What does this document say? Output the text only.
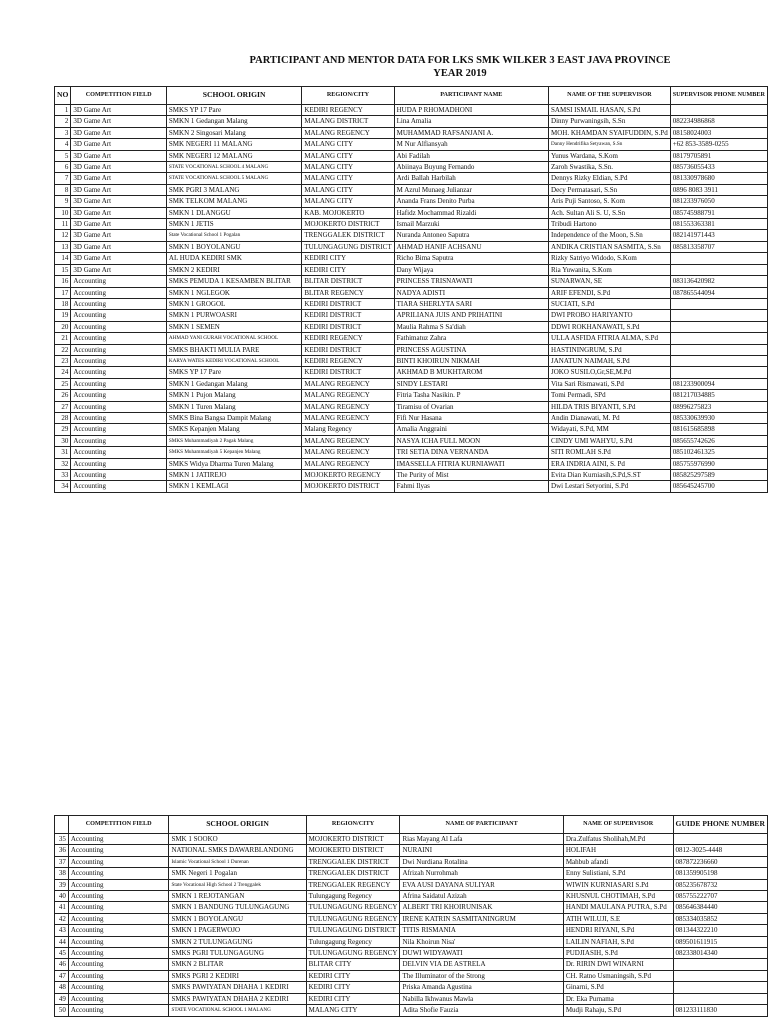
PARTICIPANT AND MENTOR DATA FOR LKS SMK WILKER 3 EAST JAVA PROVINCE
YEAR 2019
NO	COMPETITION FIELD	SCHOOL ORIGIN	REGION/CITY	PARTICIPANT NAME	NAME OF THE SUPERVISOR	SUPERVISOR PHONE NUMBER
1	3D Game Art	SMKS YP 17 Pare	KEDIRI REGENCY	HUDA P RHOMADHONI	SAMSI ISMAIL HASAN, S.Pd	
2	3D Game Art	SMKN 1 Gedangan Malang	MALANG DISTRICT	Lina Amalia	Dinny Purwaningsih, S.Sn	082234986868
3	3D Game Art	SMKN 2 Singosari Malang	MALANG REGENCY	MUHAMMAD RAFSANJANI A.	MOH. KHAMDAN SYAIFUDDIN, S.Pd	08158024003
4	3D Game Art	SMK NEGERI 11 MALANG	MALANG CITY	M Nur Alfiansyah	Danny Hendrifika Setyawan, S.Sn	+62 853-3589-0255
5	3D Game Art	SMK NEGERI 12 MALANG	MALANG CITY	Abi Fadilah	Yunus Wardana, S.Kom	08179705891
6	3D Game Art	STATE VOCATIONAL SCHOOL 4 MALANG	MALANG CITY	Abiinaya Buyung Fernando	Zaroh Swastika, S.Sn.	085736055433
7	3D Game Art	STATE VOCATIONAL SCHOOL 5 MALANG	MALANG CITY	Ardi Ballah Harbilah	Dennys Rizky Eldian, S.Pd	081330978680
8	3D Game Art	SMK PGRI 3 MALANG	MALANG CITY	M Azrul Munaeg Julianzar	Decy Permatasari, S.Sn	0896 8083 3911
9	3D Game Art	SMK TELKOM MALANG	MALANG CITY	Ananda Frans Denito Purba	Aris Puji Santoso, S. Kom	081233976050
10	3D Game Art	SMKN 1 DLANGGU	KAB. MOJOKERTO	Hafidz Mochammad Rizaldi	Ach. Sultan Ali S. U, S.Sn	085745988791
11	3D Game Art	SMKN 1 JETIS	MOJOKERTO DISTRICT	Ismail Marzuki	Tribudi Hartono	081553363381
12	3D Game Art	State Vocational School 1 Pogalan	TRENGGALEK DISTRICT	Nuranda Antoneo Saputra	Independence of the Moon, S.Sn	082141971443
13	3D Game Art	SMKN 1 BOYOLANGU	TULUNGAGUNG DISTRICT	AHMAD HANIF ACHSANU	ANDIKA CRISTIAN SASMITA, S.Sn	085813358707
14	3D Game Art	AL HUDA KEDIRI SMK	KEDIRI CITY	Richo Bima Saputra	Rizky Satriyo Widodo, S.Kom	
15	3D Game Art	SMKN 2 KEDIRI	KEDIRI CITY	Dany Wijaya	Ria Yuwanita, S.Kom	
16	Accounting	SMKS PEMUDA 1 KESAMBEN BLITAR	BLITAR DISTRICT	PRINCESS TRISNAWATI	SUNARWAN, SE	083136420982
17	Accounting	SMKN 1 NGLEGOK	BLITAR REGENCY	NADYA ADISTI	ARIF EFENDI, S.Pd	087865544094
18	Accounting	SMKN 1 GROGOL	KEDIRI DISTRICT	TIARA SHERLYTA SARI	SUCIATI, S.Pd	
19	Accounting	SMKN 1 PURWOASRI	KEDIRI DISTRICT	APRILIANA JUIS AND PRIHATINI	DWI PROBO HARIYANTO	
20	Accounting	SMKN 1 SEMEN	KEDIRI DISTRICT	Maulia Rahma S Sa'diah	DDWI ROKHANAWATI, S.Pd	
21	Accounting	AHMAD YANI GURAH VOCATIONAL SCHOOL	KEDIRI REGENCY	Fathimatuz Zahra	ULLA ASFIDA FITRIA ALMA, S.Pd	
22	Accounting	SMKS BHAKTI MULIA PARE	KEDIRI DISTRICT	PRINCESS AGUSTINA	HASTININGRUM, S.Pd	
23	Accounting	KARYA WATES KEDIRI VOCATIONAL SCHOOL	KEDIRI REGENCY	BINTI KHOIRUN NIKMAH	JANATUN NAIMAH, S.Pd	
24	Accounting	SMKS YP 17 Pare	KEDIRI DISTRICT	AKHMAD B MUKHTAROM	JOKO SUSILO,Gr,SE,M.Pd	
25	Accounting	SMKN 1 Gedangan Malang	MALANG REGENCY	SINDY LESTARI	Vita Sari Rismawati, S.Pd	081233900094
26	Accounting	SMKN 1 Pujon Malang	MALANG REGENCY	Fitria Tasha Nasikin. P	Tomi Permadi, SPd	081217034885
27	Accounting	SMKN 1 Turen Malang	MALANG REGENCY	Tiramisu of Ovarian	HILDA TRIS BIYANTI, S.Pd	08996275823
28	Accounting	SMKS Bina Bangsa Dampit Malang	MALANG REGENCY	Fifi Nur Hasana	Andin Dianawati, M. Pd	085330639930
29	Accounting	SMKS Kepanjen Malang	Malang Regency	Amalia Anggraini	Widayati, S.Pd, MM	081615685898
30	Accounting	SMKS Muhammadiyah 2 Pagak Malang	MALANG REGENCY	NASYA ICHA FULL MOON	CINDY UMI WAHYU, S.Pd	085655742626
31	Accounting	SMKS Muhammadiyah 5 Kepanjen Malang	MALANG REGENCY	TRI SETIA DINA VERNANDA	SITI ROMLAH S.Pd	085102461325
32	Accounting	SMKS Widya Dharma Turen Malang	MALANG REGENCY	IMASSELLA FITRIA KURNIAWATI	ERA INDRIA AINI, S. Pd	085755976990
33	Accounting	SMKN 1 JATIREJO	MOJOKERTO REGENCY	The Purity of Mist	Evita Dian Kurniasih,S.Pd,S.ST	085825297589
34	Accounting	SMKN 1 KEMLAGI	MOJOKERTO DISTRICT	Fahmi Ilyas	Dwi Lestari Setyorini, S.Pd	085645245700
	COMPETITION FIELD	SCHOOL ORIGIN	REGION/CITY	NAME OF PARTICIPANT	NAME OF SUPERVISOR	GUIDE PHONE NUMBER
35	Accounting	SMK 1 SOOKO	MOJOKERTO DISTRICT	Rias Mayang Al Lafa	Dra.Zulfatus Sholihah,M.Pd	
36	Accounting	NATIONAL SMKS DAWARBLANDONG	MOJOKERTO DISTRICT	NURAINI	HOLIFAH	0812-3025-4448
37	Accounting	Islamic Vocational School 1 Durenan	TRENGGALEK DISTRICT	Dwi Nurdiana Rotalina	Mahbub afandi	087872236660
38	Accounting	SMK Negeri 1 Pogalan	TRENGGALEK DISTRICT	Afrizah Nurrohmah	Enny Sulistiani, S.Pd	081359905198
39	Accounting	State Vocational High School 2 Trenggalek	TRENGGALEK REGENCY	EVA AUSI DAYANA SULIYAR	WIWIN KURNIASARI S.Pd	085235678732
40	Accounting	SMKN 1 REJOTANGAN	Tulungagung Regency	Afrina Saidatul Azizah	KHUSNUL CHOTIMAH, S.Pd	085755222707
41	Accounting	SMKN 1 BANDUNG TULUNGAGUNG	TULUNGAGUNG REGENCY	ALBERT TRI KHOIRUNISAK	HANDI MAULANA PUTRA, S.Pd	085646384440
42	Accounting	SMKN 1 BOYOLANGU	TULUNGAGUNG REGENCY	IRENE KATRIN SASMITANINGRUM	ATIH WILUJI, S.E	085334035852
43	Accounting	SMKN 1 PAGERWOJO	TULUNGAGUNG DISTRICT	TITIS RISMANIA	HENDRI RIYANI, S.Pd	081344322210
44	Accounting	SMKN 2 TULUNGAGUNG	Tulungagung Regency	Nila Khoirun Nisa'	LAILIN NAFIAH, S.Pd	089501611915
45	Accounting	SMKS PGRI TULUNGAGUNG	TULUNGAGUNG REGENCY	DUWI WIDYAWATI	PUDJIASIH, S.Pd	082338014340
46	Accounting	SMKN 2 BLITAR	BLITAR CITY	DELVIN VIA DE ASTRELA	Dr. RIRIN DWI WINARNI	
47	Accounting	SMKS PGRI 2 KEDIRI	KEDIRI CITY	The Illuminator of the Strong	CH. Ratno Usmaningsih, S.Pd	
48	Accounting	SMKS PAWIYATAN DHAHA 1 KEDIRI	KEDIRI CITY	Priska Amanda Agustina	Ginarni, S.Pd	
49	Accounting	SMKS PAWIYATAN DHAHA 2 KEDIRI	KEDIRI CITY	Nabilla Ikhwanus Mawla	Dr. Eka Purnama	
50	Accounting	STATE VOCATIONAL SCHOOL 1 MALANG	MALANG CITY	Adita Shofie Fauzia	Mudji Rahaju, S.Pd	081233111830
